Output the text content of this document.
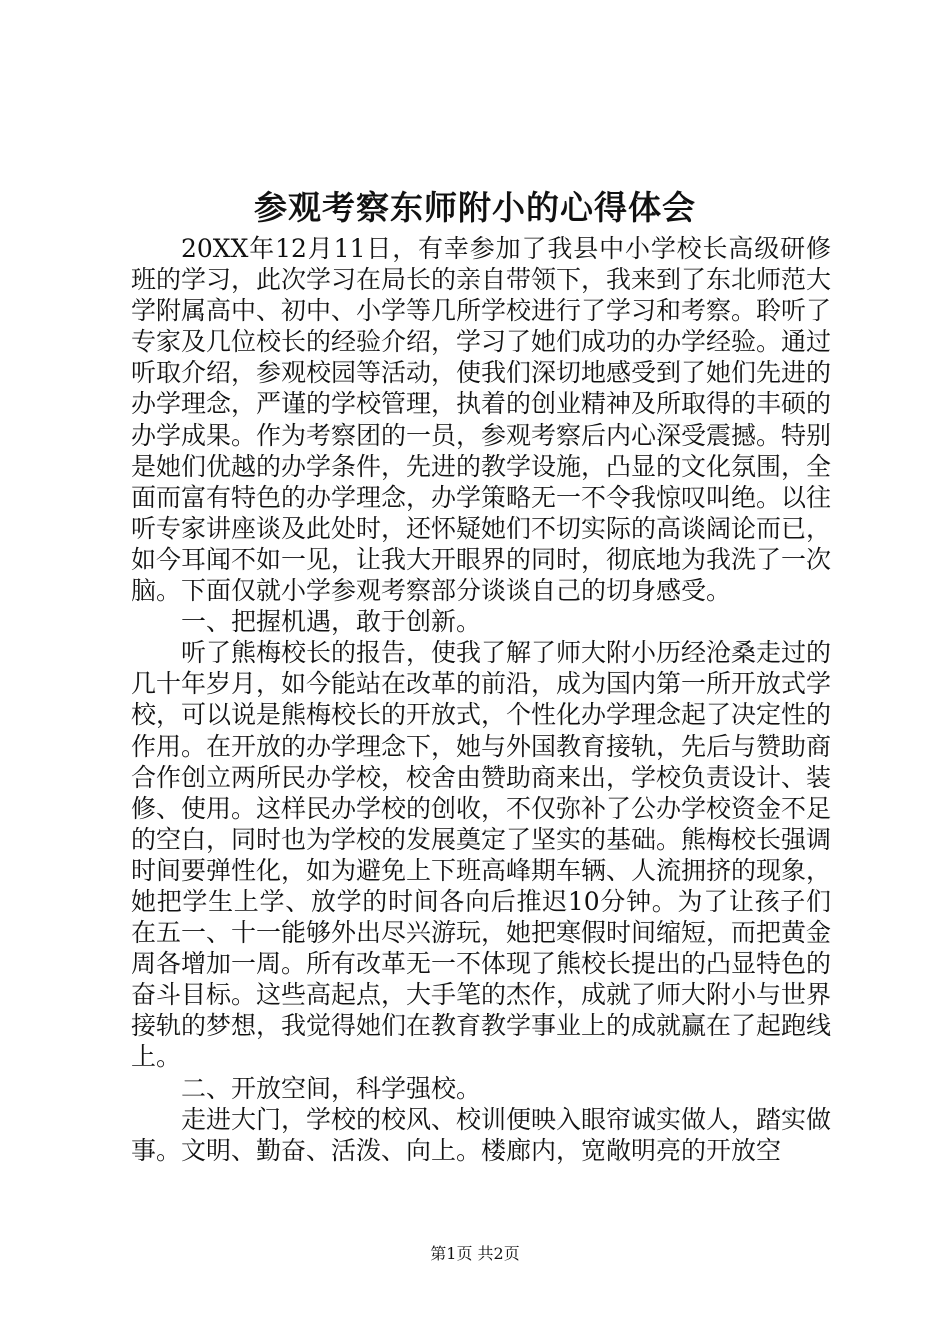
参观考察东师附小的心得体会

20XX年12月11日，有幸参加了我县中小学校长高级研修班的学习，此次学习在局长的亲自带领下，我来到了东北师范大学附属高中、初中、小学等几所学校进行了学习和考察。聆听了专家及几位校长的经验介绍，学习了她们成功的办学经验。通过听取介绍，参观校园等活动，使我们深切地感受到了她们先进的办学理念，严谨的学校管理，执着的创业精神及所取得的丰硕的办学成果。作为考察团的一员，参观考察后内心深受震撼。特别是她们优越的办学条件，先进的教学设施，凸显的文化氛围，全面而富有特色的办学理念，办学策略无一不令我惊叹叫绝。以往听专家讲座谈及此处时，还怀疑她们不切实际的高谈阔论而已，如今耳闻不如一见，让我大开眼界的同时，彻底地为我洗了一次脑。下面仅就小学参观考察部分谈谈自己的切身感受。

一、把握机遇，敢于创新。

听了熊梅校长的报告，使我了解了师大附小历经沧桑走过的几十年岁月，如今能站在改革的前沿，成为国内第一所开放式学校，可以说是熊梅校长的开放式，个性化办学理念起了决定性的作用。在开放的办学理念下，她与外国教育接轨，先后与赞助商合作创立两所民办学校，校舍由赞助商来出，学校负责设计、装修、使用。这样民办学校的创收，不仅弥补了公办学校资金不足的空白，同时也为学校的发展奠定了坚实的基础。熊梅校长强调时间要弹性化，如为避免上下班高峰期车辆、人流拥挤的现象，她把学生上学、放学的时间各向后推迟10分钟。为了让孩子们在五一、十一能够外出尽兴游玩，她把寒假时间缩短，而把黄金周各增加一周。所有改革无一不体现了熊校长提出的凸显特色的奋斗目标。这些高起点，大手笔的杰作，成就了师大附小与世界接轨的梦想，我觉得她们在教育教学事业上的成就赢在了起跑线上。

二、开放空间，科学强校。

走进大门，学校的校风、校训便映入眼帘诚实做人，踏实做事。文明、勤奋、活泼、向上。楼廊内，宽敞明亮的开放空

第1页 共2页
